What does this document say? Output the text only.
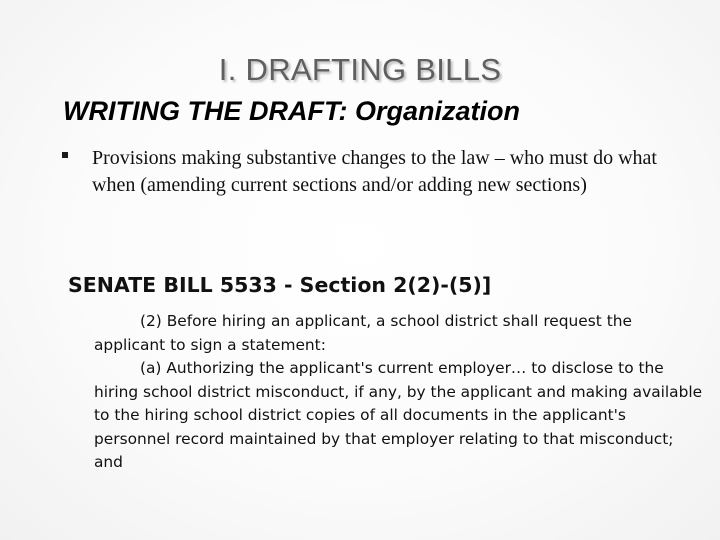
I. DRAFTING BILLS
WRITING THE DRAFT: Organization
Provisions making substantive changes to the law – who must do what when (amending current sections and/or adding new sections)
SENATE BILL 5533 - Section 2(2)-(5)]

(2) Before hiring an applicant, a school district shall request the applicant to sign a statement:

(a) Authorizing the applicant's current employer… to disclose to the hiring school district misconduct, if any, by the applicant and making available to the hiring school district copies of all documents in the applicant's personnel record maintained by that employer relating to that misconduct; and
